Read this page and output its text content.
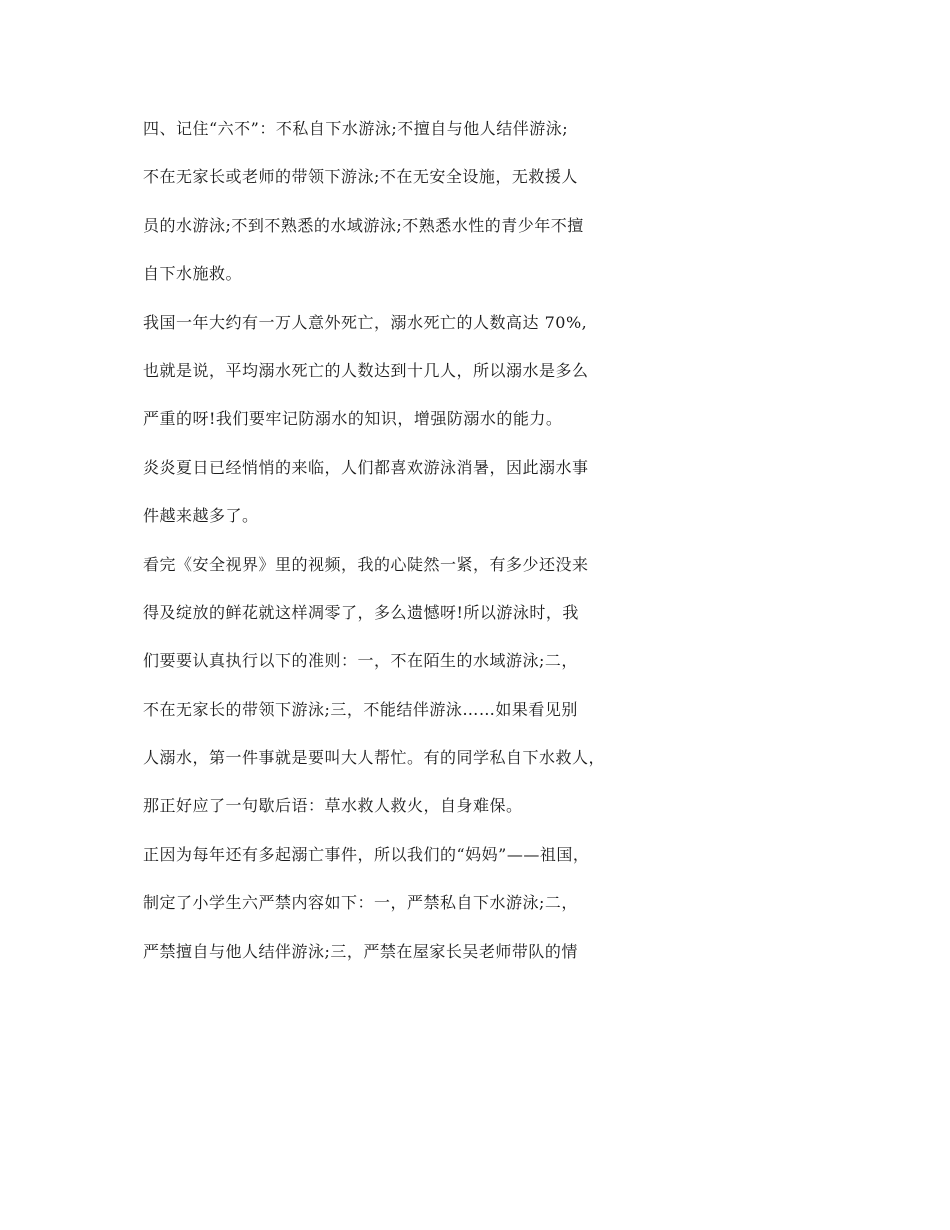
四、记住“六不”：不私自下水游泳;不擅自与他人结伴游泳;
不在无家长或老师的带领下游泳;不在无安全设施，无救援人
员的水游泳;不到不熟悉的水域游泳;不熟悉水性的青少年不擅
自下水施救。
我国一年大约有一万人意外死亡，溺水死亡的人数高达 70%,
也就是说，平均溺水死亡的人数达到十几人，所以溺水是多么
严重的呀!我们要牢记防溺水的知识，增强防溺水的能力。
炎炎夏日已经悄悄的来临，人们都喜欢游泳消暑，因此溺水事
件越来越多了。
看完《安全视界》里的视频，我的心陡然一紧，有多少还没来
得及绽放的鲜花就这样凋零了，多么遗憾呀!所以游泳时，我
们要要认真执行以下的准则：一，不在陌生的水域游泳;二，
不在无家长的带领下游泳;三，不能结伴游泳……如果看见别
人溺水，第一件事就是要叫大人帮忙。有的同学私自下水救人，
那正好应了一句歇后语：草水救人救火，自身难保。
正因为每年还有多起溺亡事件，所以我们的“妈妈”——祖国，
制定了小学生六严禁内容如下：一，严禁私自下水游泳;二，
严禁擅自与他人结伴游泳;三，严禁在屋家长吴老师带队的情
